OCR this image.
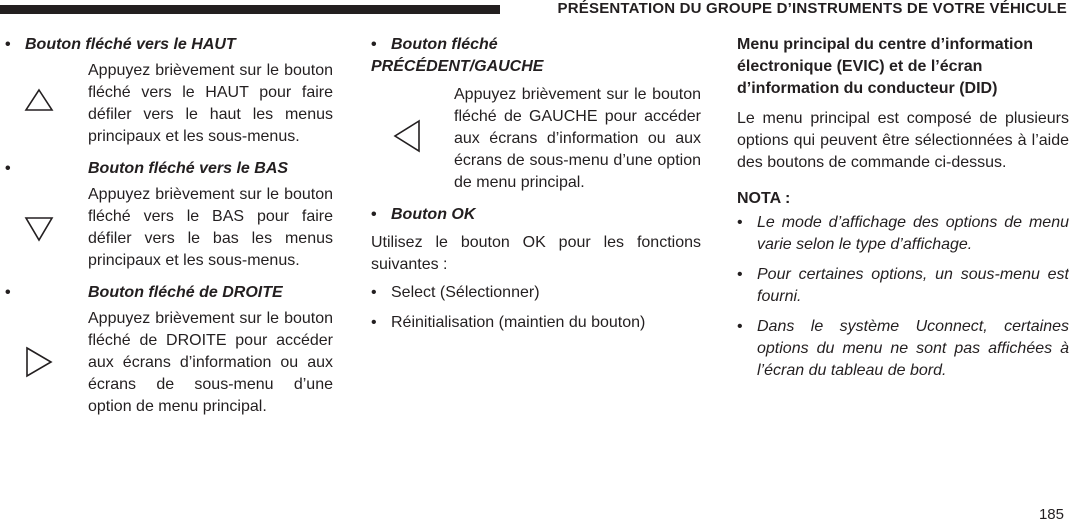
PRÉSENTATION DU GROUPE D’INSTRUMENTS DE VOTRE VÉHICULE

• Bouton fléché vers le HAUT

Appuyez brièvement sur le bouton fléché vers le HAUT pour faire défiler vers le haut les menus principaux et les sous-menus.

•	Bouton fléché vers le BAS

Appuyez brièvement sur le bouton fléché vers le BAS pour faire défiler vers le bas les menus principaux et les sous-menus.

•	Bouton fléché de DROITE

Appuyez brièvement sur le bouton fléché de DROITE pour accéder aux écrans d’information ou aux écrans de sous-menu d’une option de menu principal.

• Bouton fléché
PRÉCÉDENT/GAUCHE

Appuyez brièvement sur le bouton fléché de GAUCHE pour accéder aux écrans d’information ou aux écrans de sous-menu d’une option de menu principal.

• Bouton OK

Utilisez le bouton OK pour les fonctions suivantes :

• Select (Sélectionner)
• Réinitialisation (maintien du bouton)

Menu principal du centre d’information électronique (EVIC) et de l’écran d’information du conducteur (DID)

Le menu principal est composé de plusieurs options qui peuvent être sélectionnées à l’aide des boutons de commande ci-dessus.

NOTA :

• Le mode d’affichage des options de menu varie selon le type d’affichage.
• Pour certaines options, un sous-menu est fourni.
• Dans le système Uconnect, certaines options du menu ne sont pas affichées à l’écran du tableau de bord.
185
